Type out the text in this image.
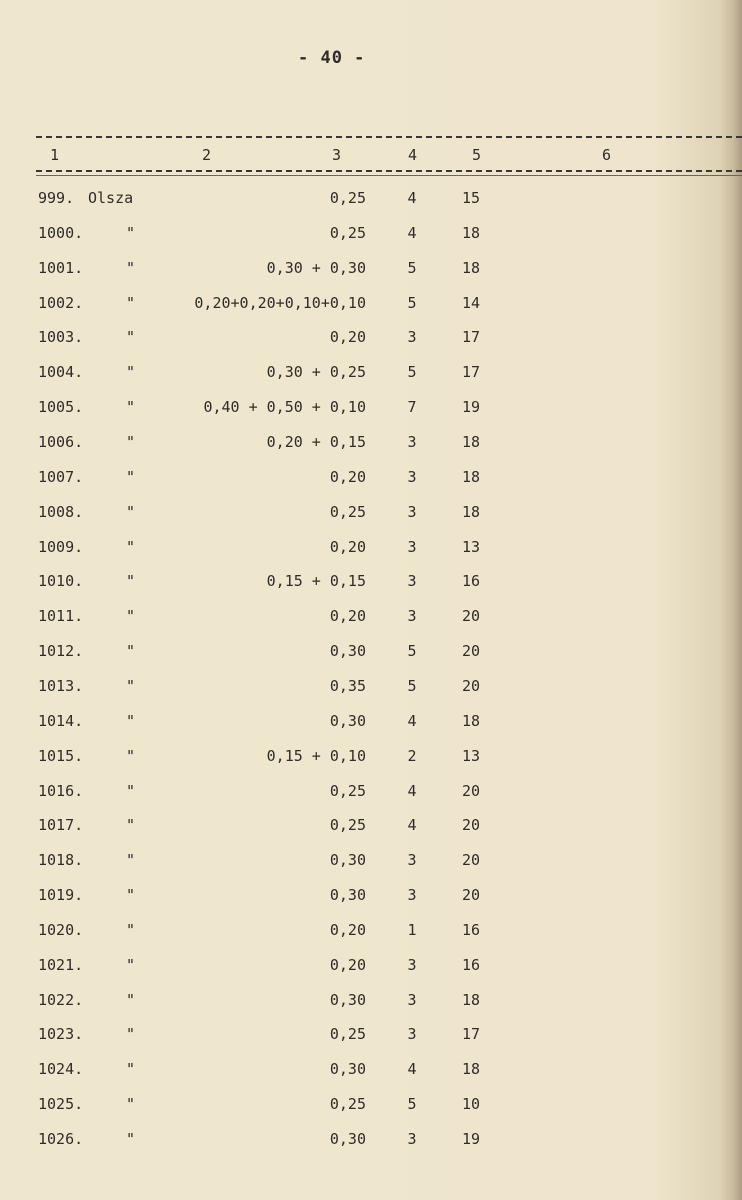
- 40 -
1	2	3	4	5	6
999. Olsza	0,25	4	15
1000.	"	0,25	4	18
1001.	"	0,30 + 0,30	5	18
1002.	"	0,20+0,20+0,10+0,10	5	14
1003.	"	0,20	3	17
1004.	"	0,30 + 0,25	5	17
1005.	"	0,40 + 0,50 + 0,10	7	19
1006.	"	0,20 + 0,15	3	18
1007.	"	0,20	3	18
1008.	"	0,25	3	18
1009.	"	0,20	3	13
1010.	"	0,15 + 0,15	3	16
1011.	"	0,20	3	20
1012.	"	0,30	5	20
1013.	"	0,35	5	20
1014.	"	0,30	4	18
1015.	"	0,15 + 0,10	2	13
1016.	"	0,25	4	20
1017.	"	0,25	4	20
1018.	"	0,30	3	20
1019.	"	0,30	3	20
1020.	"	0,20	1	16
1021.	"	0,20	3	16
1022.	"	0,30	3	18
1023.	"	0,25	3	17
1024.	"	0,30	4	18
1025.	"	0,25	5	10
1026.	"	0,30	3	19
